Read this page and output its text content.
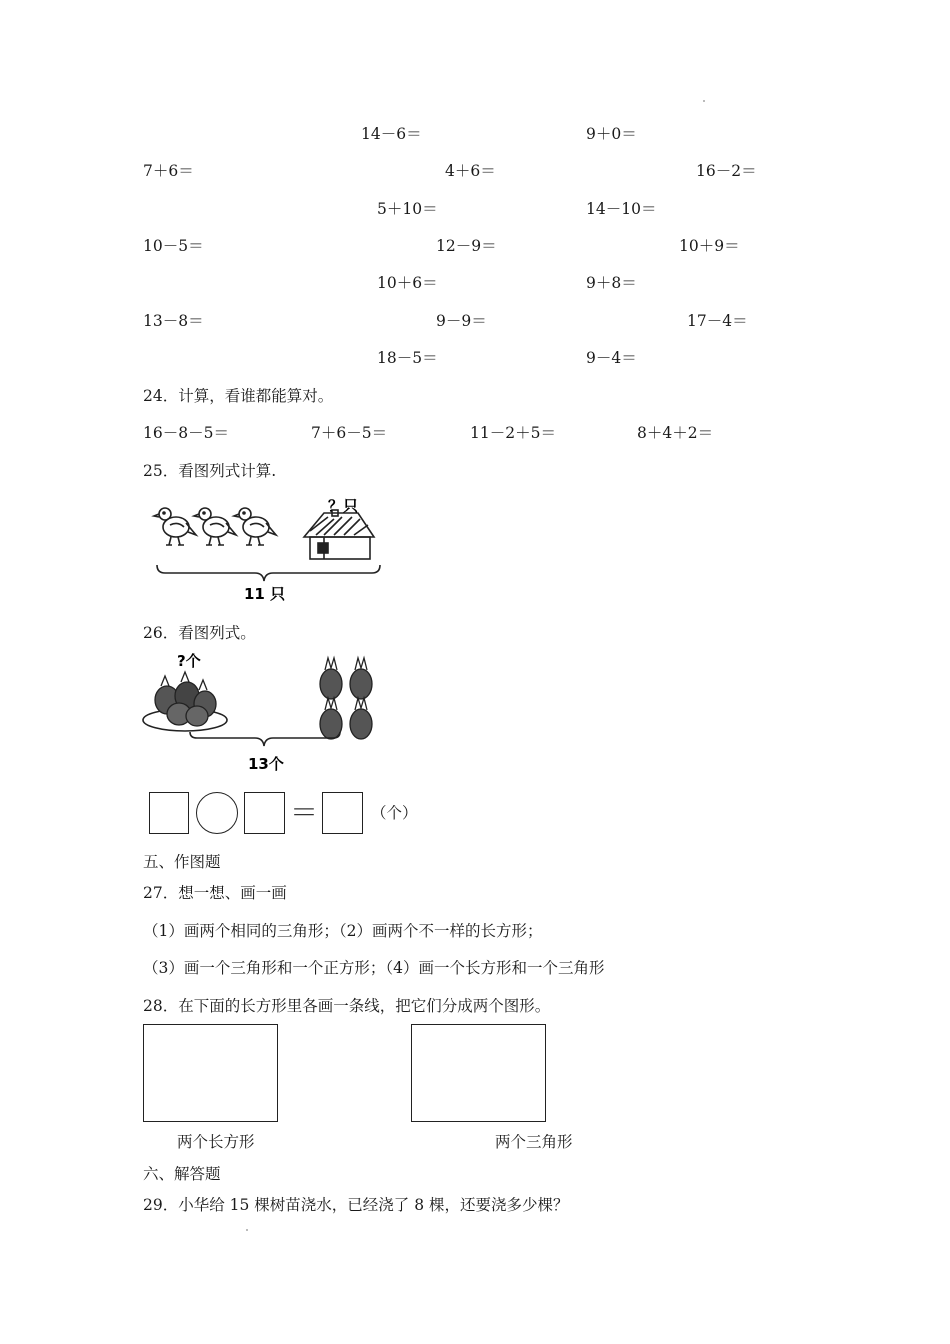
14－6＝	9＋0＝
7＋6＝	4＋6＝	16－2＝
5＋10＝	14－10＝
10－5＝	12－9＝	10＋9＝
10＋6＝	9＋8＝
13－8＝	9－9＝	17－4＝
18－5＝	9－4＝
24．计算，看谁都能算对。
16－8－5＝	7＋6－5＝	11－2＋5＝	8＋4＋2＝
25．看图列式计算.
？只
11 只
26．看图列式。
?个
13个
＝	（个）
五、作图题
27．想一想、画一画
（1）画两个相同的三角形；（2）画两个不一样的长方形；
（3）画一个三角形和一个正方形；（4）画一个长方形和一个三角形
28．在下面的长方形里各画一条线，把它们分成两个图形。
两个长方形	两个三角形
六、解答题
29．小华给 15 棵树苗浇水，已经浇了 8 棵，还要浇多少棵？
